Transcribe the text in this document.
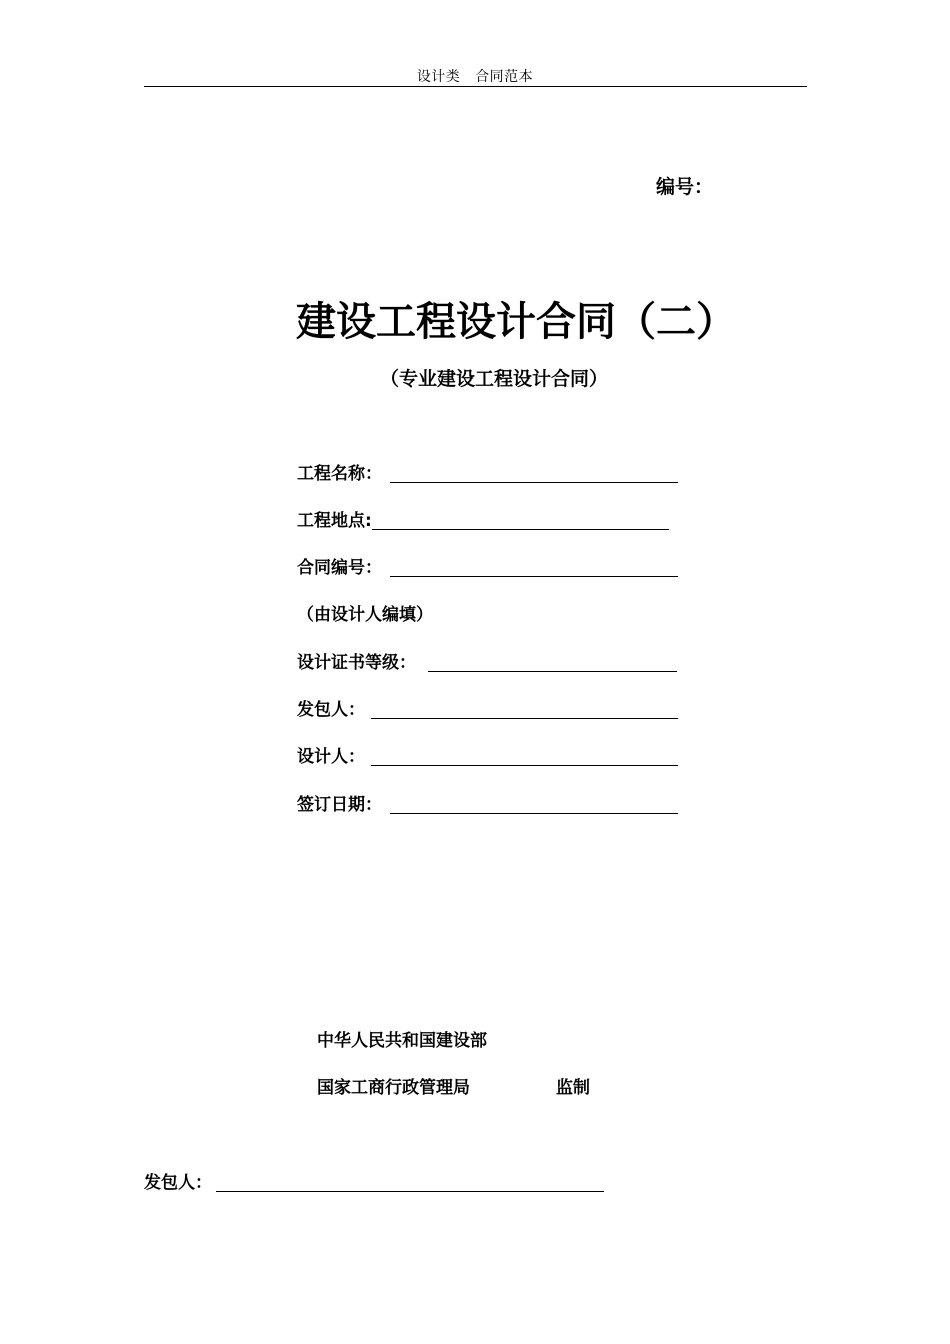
设计类   合同范本
编号：
建设工程设计合同（二）
（专业建设工程设计合同）
工程名称：
工程地点:
合同编号：
（由设计人编填）
设计证书等级：
发包人：
设计人：
签订日期：
中华人民共和国建设部
国家工商行政管理局	监制
发包人：
